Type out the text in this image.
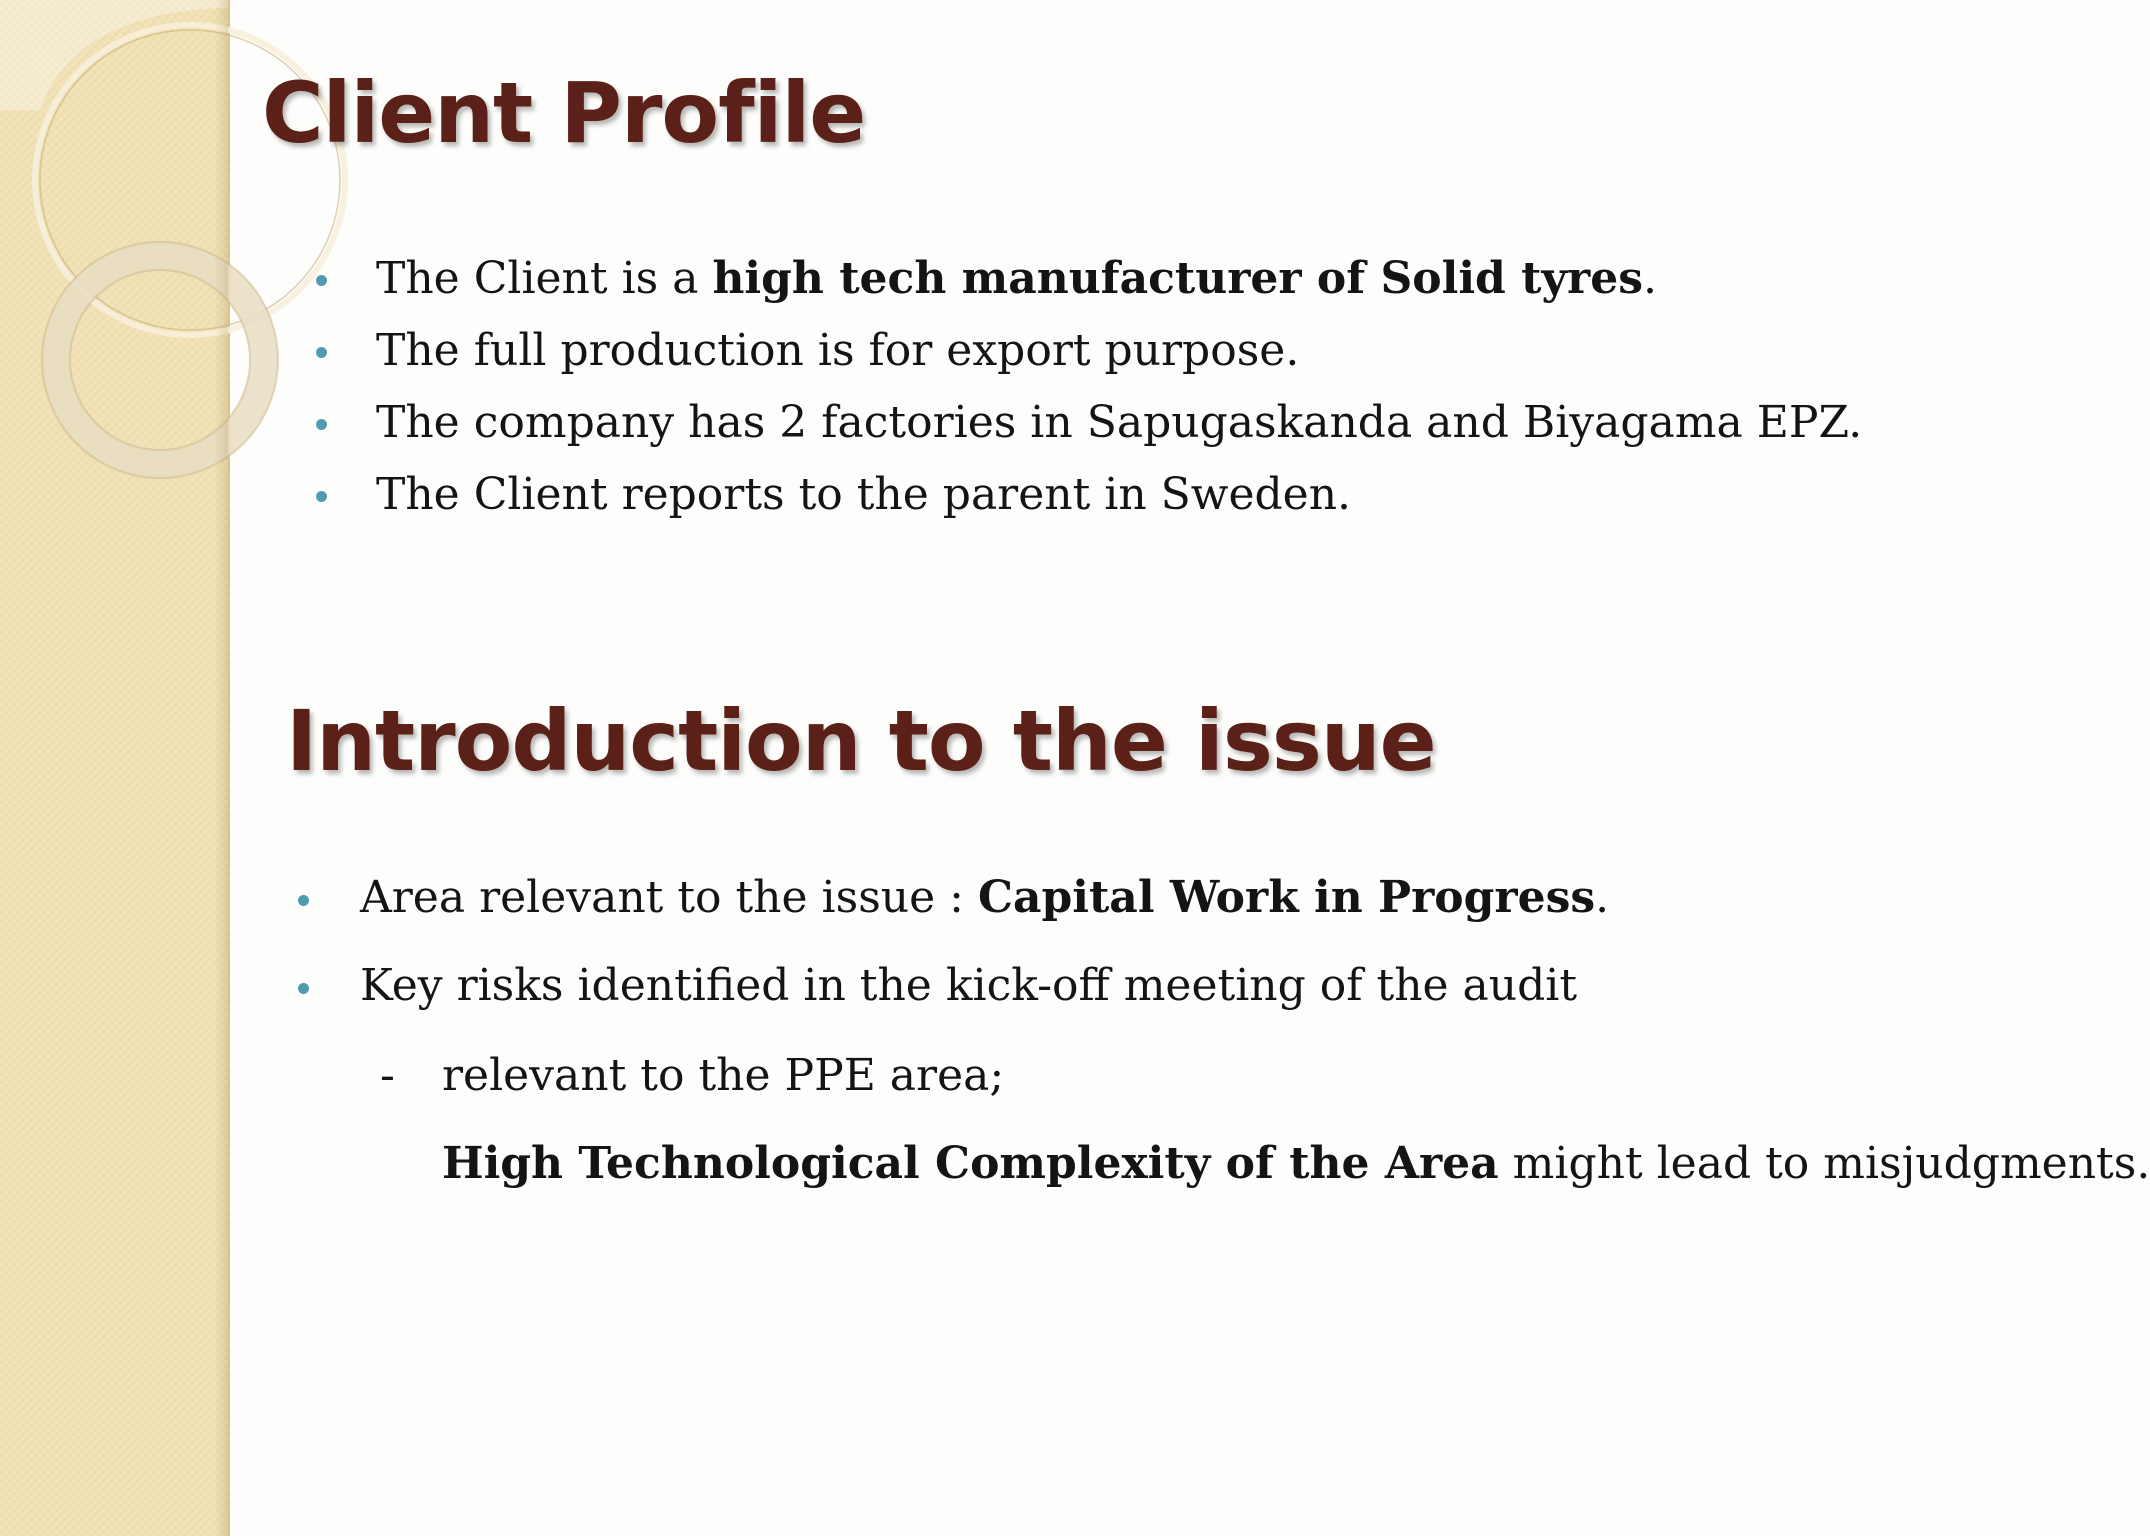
Client Profile
The Client is a high tech manufacturer of Solid tyres.
The full production is for export purpose.
The company has 2 factories in Sapugaskanda and Biyagama EPZ.
The Client reports to the parent in Sweden.
Introduction to the issue
Area relevant to the issue : Capital Work in Progress.
Key risks identified in the kick-off meeting of the audit
- relevant to the PPE area;
High Technological Complexity of the Area might lead to misjudgments.
